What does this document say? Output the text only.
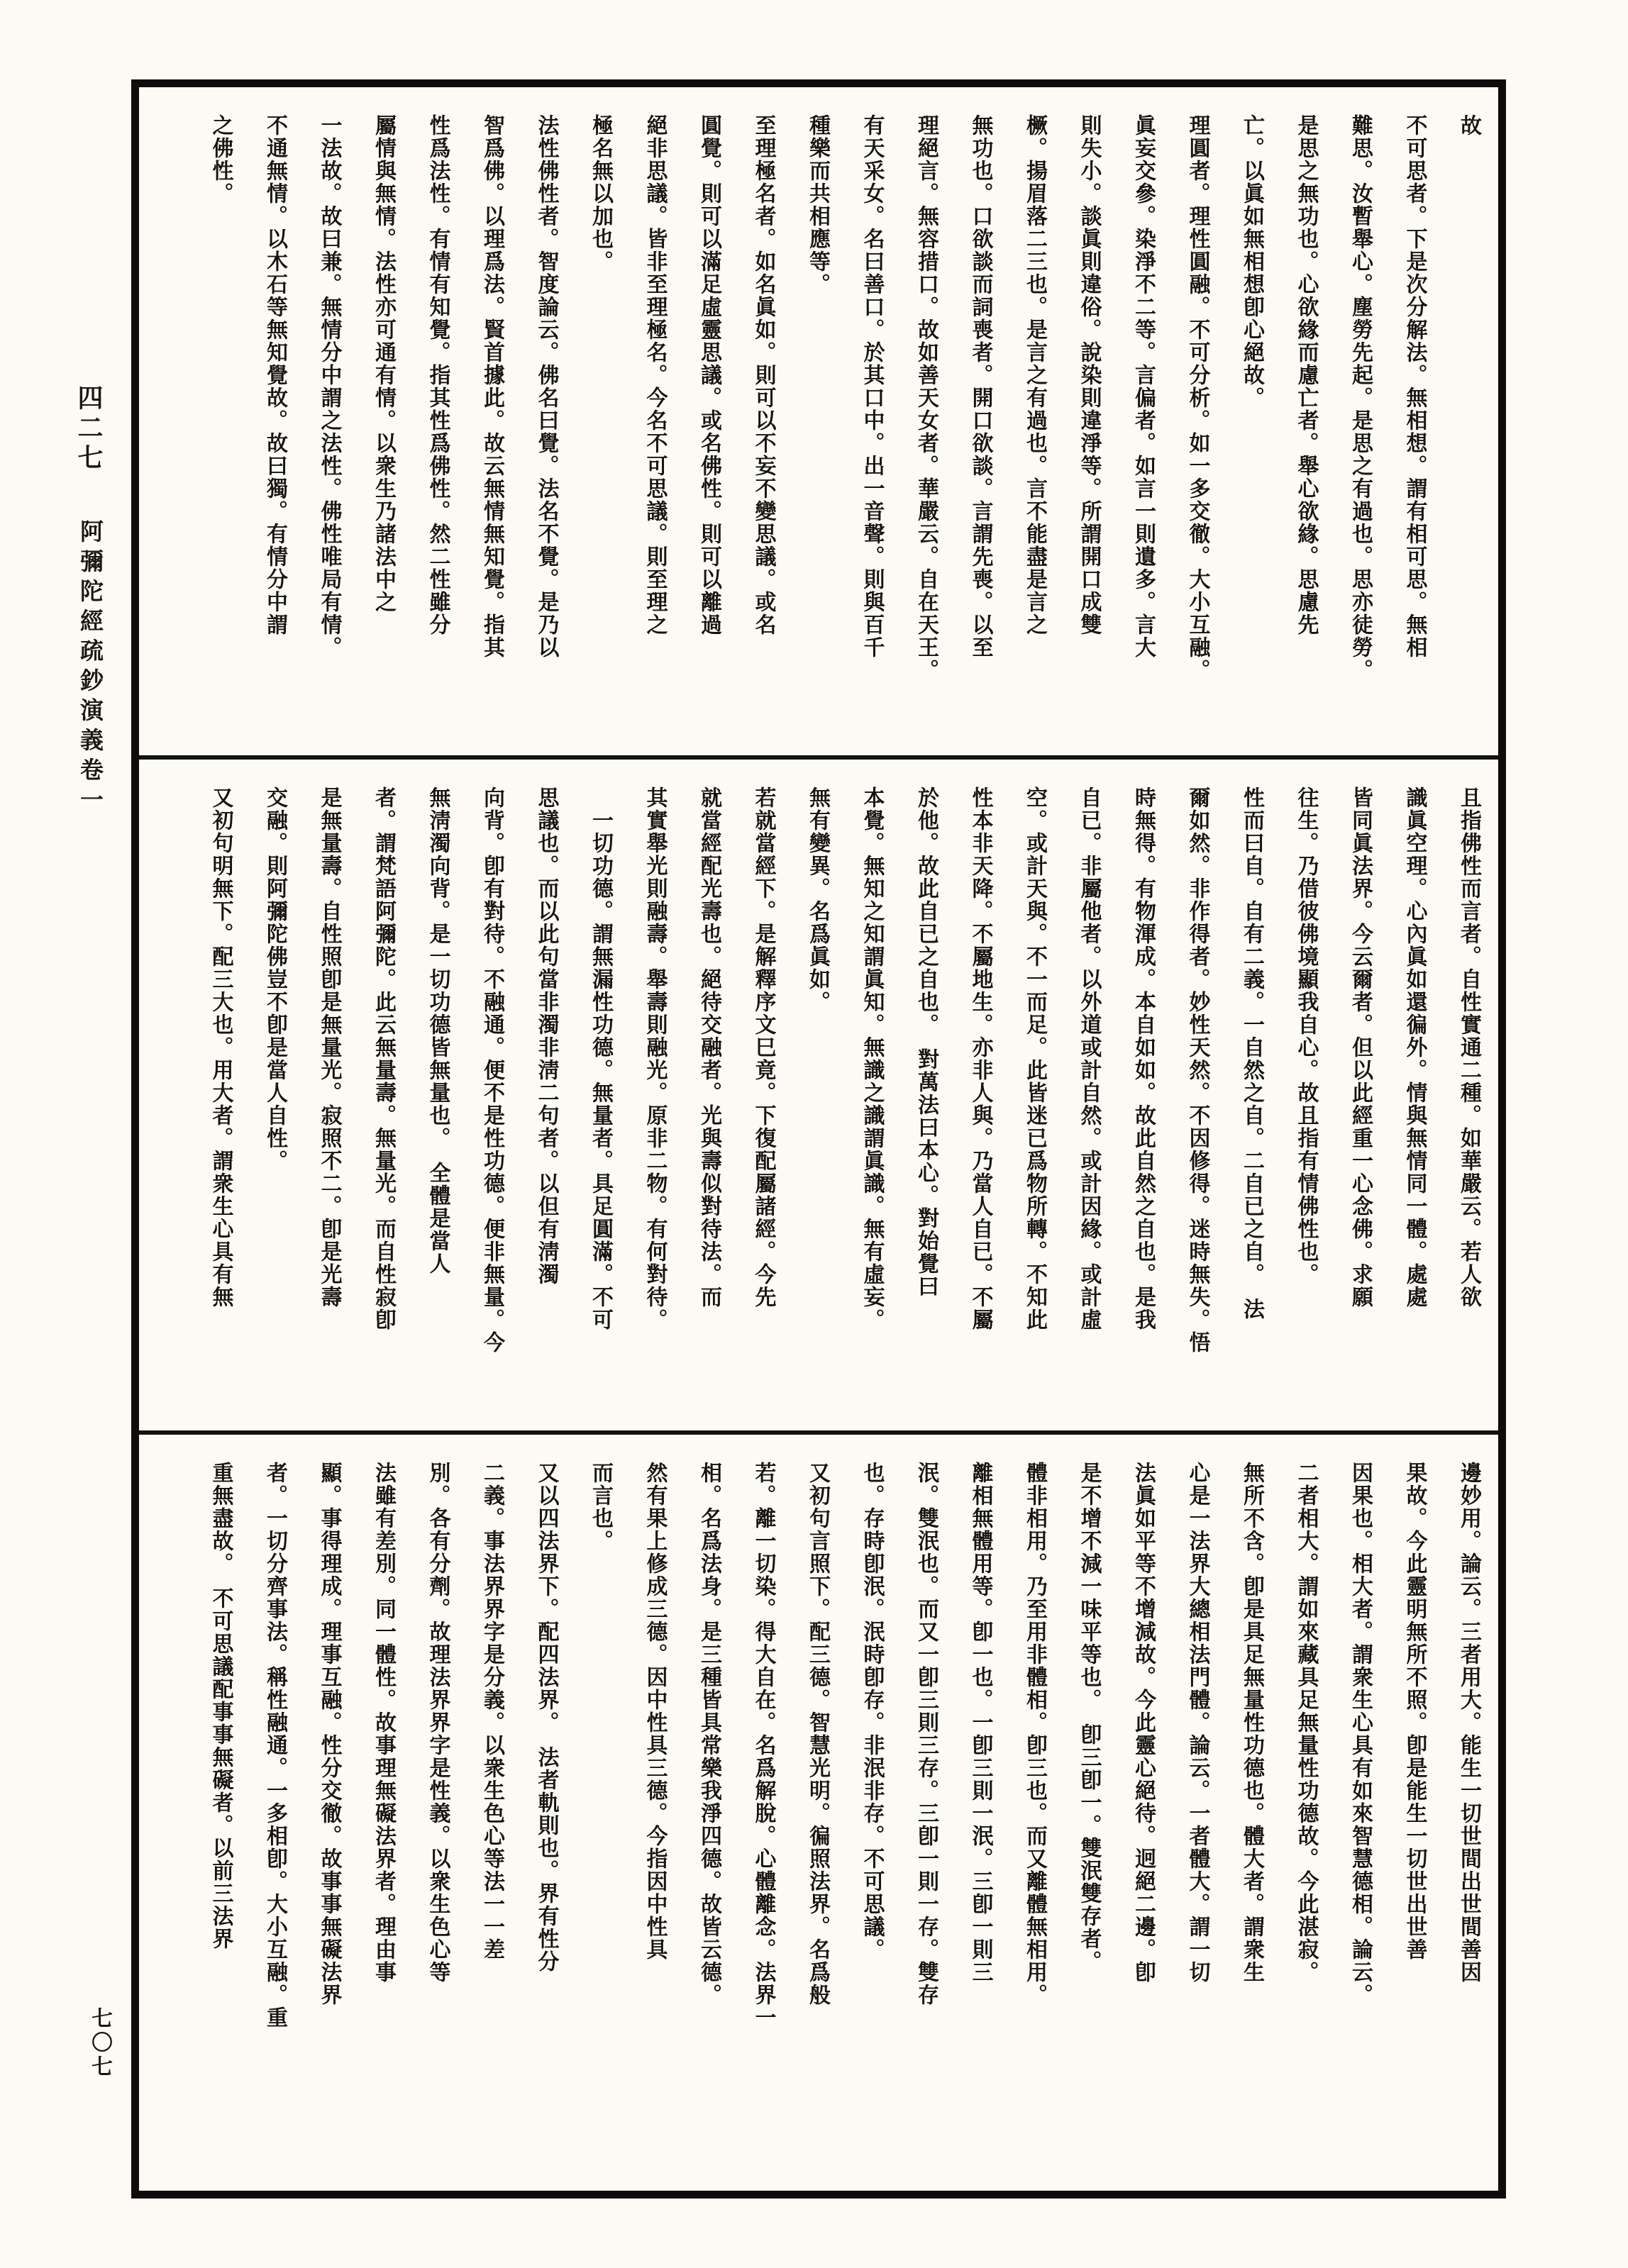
四二七
阿彌陀經疏鈔演義卷一
七〇七
故
不可思者。下是次分解法。無相想。謂有相可思。無相
難思。汝暫舉心。塵勞先起。是思之有過也。思亦徒勞。
是思之無功也。心欲緣而慮亡者。舉心欲緣。思慮先
亡。以眞如無相想卽心絕故。
理圓者。理性圓融。不可分析。如一多交徹。大小互融。
眞妄交參。染淨不二等。言偏者。如言一則遺多。言大
則失小。談眞則違俗。說染則違淨等。所謂開口成雙
橛。揚眉落二三也。是言之有過也。言不能盡是言之
無功也。口欲談而詞喪者。開口欲談。言謂先喪。以至
理絕言。無容措口。故如善天女者。華嚴云。自在天王。
有天采女。名曰善口。於其口中。出一音聲。則與百千
種樂而共相應等。
至理極名者。如名眞如。則可以不妄不變思議。或名
圓覺。則可以滿足虛靈思議。或名佛性。則可以離過
絕非思議。皆非至理極名。今名不可思議。則至理之
極名無以加也。
法性佛性者。智度論云。佛名曰覺。法名不覺。是乃以
智爲佛。以理爲法。賢首據此。故云無情無知覺。指其
性爲法性。有情有知覺。指其性爲佛性。然二性雖分
屬情與無情。法性亦可通有情。以衆生乃諸法中之
一法故。故曰兼。無情分中謂之法性。佛性唯局有情。
不通無情。以木石等無知覺故。故曰獨。有情分中謂
之佛性。
且指佛性而言者。自性實通二種。如華嚴云。若人欲
識眞空理。心內眞如還徧外。情與無情同一體。處處
皆同眞法界。今云爾者。但以此經重一心念佛。求願
往生。乃借彼佛境顯我自心。故且指有情佛性也。
性而曰自。自有二義。一自然之自。二自已之自。　法
爾如然。非作得者。妙性天然。不因修得。迷時無失。悟
時無得。有物渾成。本自如如。故此自然之自也。是我
自已。非屬他者。以外道或計自然。或計因緣。或計虛
空。或計天與。不一而足。此皆迷已爲物所轉。不知此
性本非天降。不屬地生。亦非人與。乃當人自已。不屬
於他。故此自已之自也。　對萬法曰本心。對始覺曰
本覺。無知之知謂眞知。無識之識謂眞識。無有虛妄。
無有變異。名爲眞如。
若就當經下。是解釋序文巳竟。下復配屬諸經。今先
就當經配光壽也。絕待交融者。光與壽似對待法。而
其實舉光則融壽。舉壽則融光。原非二物。有何對待。
　一切功德。謂無漏性功德。無量者。具足圓滿。不可
思議也。而以此句當非濁非淸二句者。以但有淸濁
向背。卽有對待。不融通。便不是性功德。便非無量。今
無淸濁向背。是一切功德皆無量也。　全體是當人
者。謂梵語阿彌陀。此云無量壽。無量光。而自性寂卽
是無量壽。自性照卽是無量光。寂照不二。卽是光壽
交融。則阿彌陀佛豈不卽是當人自性。
又初句明無下。配三大也。用大者。謂衆生心具有無
邊妙用。論云。三者用大。能生一切世間出世間善因
果故。今此靈明無所不照。卽是能生一切世出世善
因果也。相大者。謂衆生心具有如來智慧德相。論云。
二者相大。謂如來藏具足無量性功德故。今此湛寂。
無所不含。卽是具足無量性功德也。體大者。謂衆生
心是一法界大總相法門體。論云。一者體大。謂一切
法眞如平等不增減故。今此靈心絕待。迥絕二邊。卽
是不增不減一味平等也。　卽三卽一。雙泯雙存者。
體非相用。乃至用非體相。卽三也。而又離體無相用。
離相無體用等。卽一也。一卽三則一泯。三卽一則三
泯。雙泯也。而又一卽三則三存。三卽一則一存。雙存
也。存時卽泯。泯時卽存。非泯非存。不可思議。
又初句言照下。配三德。智慧光明。徧照法界。名爲般
若。離一切染。得大自在。名爲解脫。心體離念。法界一
相。名爲法身。是三種皆具常樂我淨四德。故皆云德。
然有果上修成三德。因中性具三德。今指因中性具
而言也。
又以四法界下。配四法界。　法者軌則也。界有性分
二義。事法界界字是分義。以衆生色心等法一一差
別。各有分劑。故理法界界字是性義。以衆生色心等
法雖有差別。同一體性。故事理無礙法界者。理由事
顯。事得理成。理事互融。性分交徹。故事事無礙法界
者。一切分齊事法。稱性融通。一多相卽。大小互融。重
重無盡故。　不可思議配事事無礙者。以前三法界
